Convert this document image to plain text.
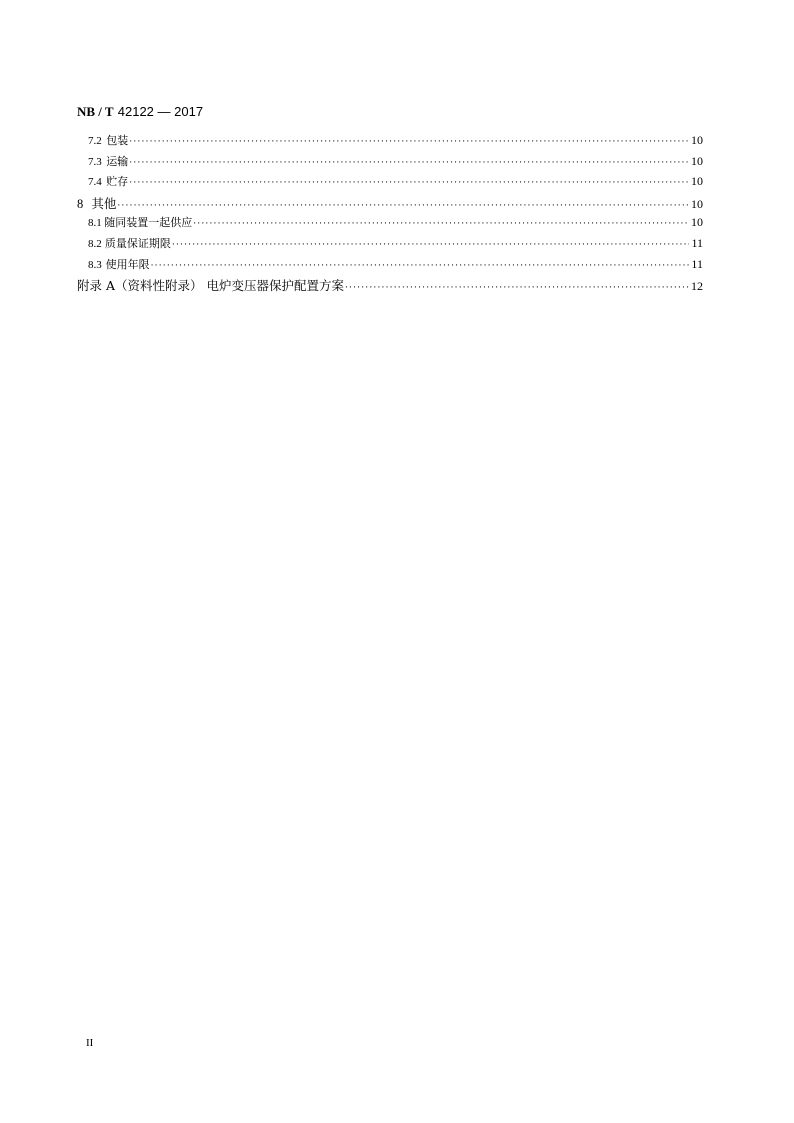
NB / T 42122 — 2017
7.2 包装 ·····	10
7.3 运输 ·····	10
7.4 贮存 ·····	10
8 其他 ·····	10
8.1 随同装置一起供应 ·····	10
8.2 质量保证期限 ·····	11
8.3 使用年限 ·····	11
附录 A（资料性附录） 电炉变压器保护配置方案 ·····	12
II
